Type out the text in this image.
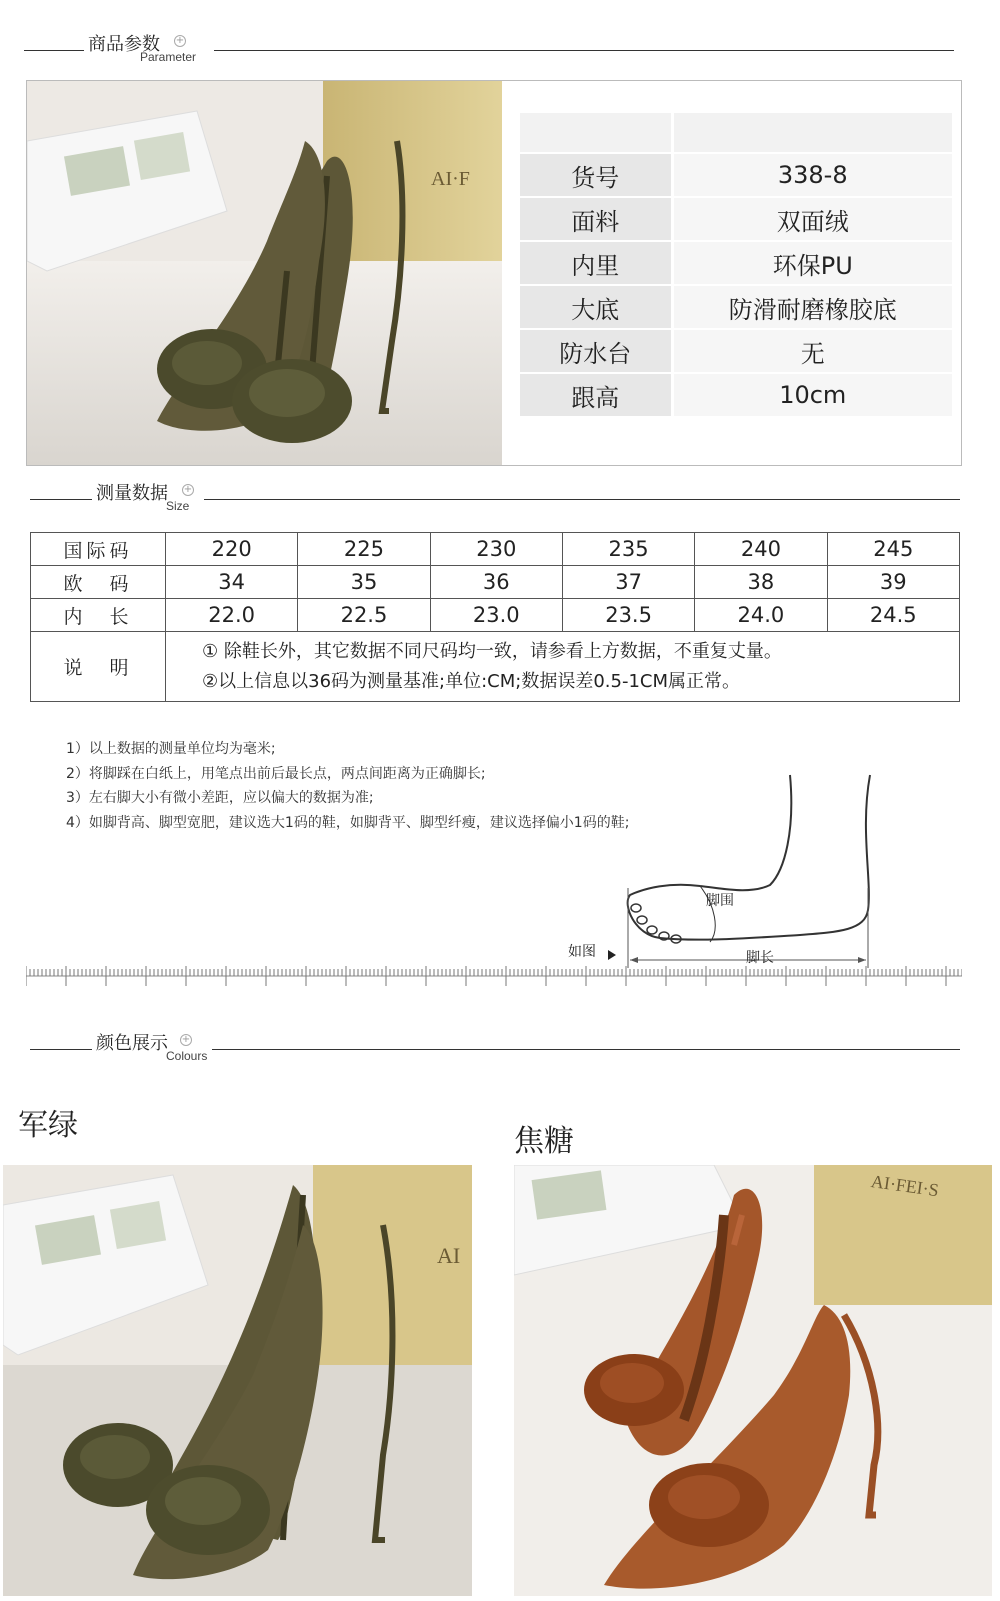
商品参数 +
Parameter
AI·F
		货号	338-8
面料	双面绒
内里	环保PU
大底	防滑耐磨橡胶底
防水台	无
跟高	10cm
测量数据 +
Size
国际码	220	225	230	235	240	245
欧　码	34	35	36	37	38	39
内　长	22.0	22.5	23.0	23.5	24.0	24.5
说　明	① 除鞋长外，其它数据不同尺码均一致，请参看上方数据，不重复丈量。
②以上信息以36码为测量基准;单位:CM;数据误差0.5-1CM属正常。					
1）以上数据的测量单位均为毫米;
2）将脚踩在白纸上，用笔点出前后最长点，两点间距离为正确脚长;
3）左右脚大小有微小差距，应以偏大的数据为准;
4）如脚背高、脚型宽肥，建议选大1码的鞋，如脚背平、脚型纤瘦，建议选择偏小1码的鞋;
如图
脚围
脚长
颜色展示 +
Colours
军绿	焦糖
AI
AI·FEI·S
